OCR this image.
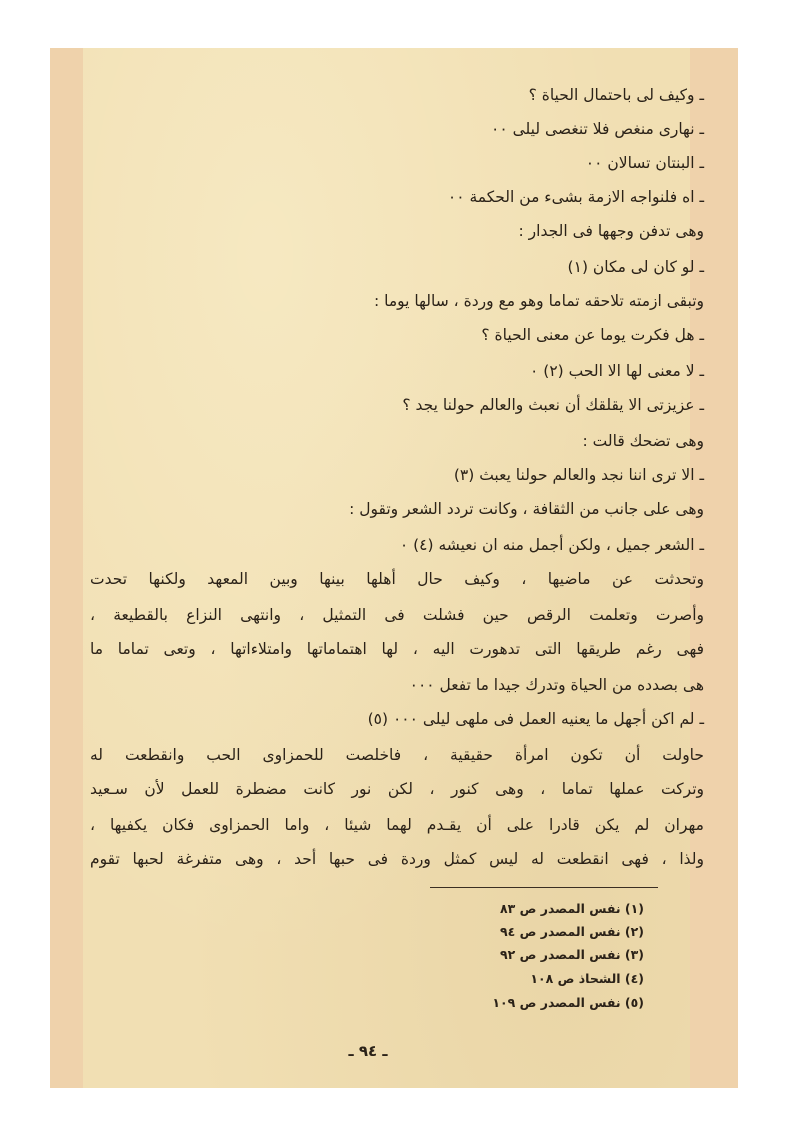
ـ وكيف لى باحتمال الحياة ؟
ـ نهارى منغص فلا تنغصى ليلى ٠٠
ـ البنتان تسالان ٠٠
ـ اه فلنواجه الازمة بشىء من الحكمة ٠٠
وهى تدفن وجهها فى الجدار :
ـ لو كان لى مكان (١)
وتبقى ازمته تلاحقه تماما وهو مع وردة ، سالها يوما :
ـ هل فكرت يوما عن معنى الحياة ؟
ـ لا معنى لها الا الحب (٢) ٠
ـ عزيزتى الا يقلقك أن نعبث والعالم حولنا يجد ؟
وهى تضحك قالت :
ـ الا ترى اننا نجد والعالم حولنا يعبث (٣)
وهى على جانب من الثقافة ، وكانت تردد الشعر وتقول :
ـ الشعر جميل ، ولكن أجمل منه ان نعيشه (٤) ٠
وتحدثت عن ماضيها ، وكيف حال أهلها بينها وبين المعهد ولكنها تحدت
وأصرت وتعلمت الرقص حين فشلت فى التمثيل ، وانتهى النزاع بالقطيعة ،
فهى رغم طريقها التى تدهورت اليه ، لها اهتماماتها وامتلاءاتها ، وتعى تماما ما
هى بصدده من الحياة وتدرك جيدا ما تفعل ٠٠٠
ـ لم اكن أجهل ما يعنيه العمل فى ملهى ليلى ٠٠٠ (٥)
حاولت أن تكون امرأة حقيقية ، فاخلصت للحمزاوى الحب وانقطعت له
وتركت عملها تماما ، وهى كنور ، لكن نور كانت مضطرة للعمل لأن سـعيد
مهران لم يكن قادرا على أن يقـدم لهما شيئا ، واما الحمزاوى فكان يكفيها ،
ولذا ، فهى انقطعت له ليس كمثل وردة فى حبها أحد ، وهى متفرغة لحبها تقوم
(١) نفس المصدر ص ٨٣
(٢) نفس المصدر ص ٩٤
(٣) نفس المصدر ص ٩٢
(٤) الشحاذ ص ١٠٨
(٥) نفس المصدر ص ١٠٩
ـ ٩٤ ـ
